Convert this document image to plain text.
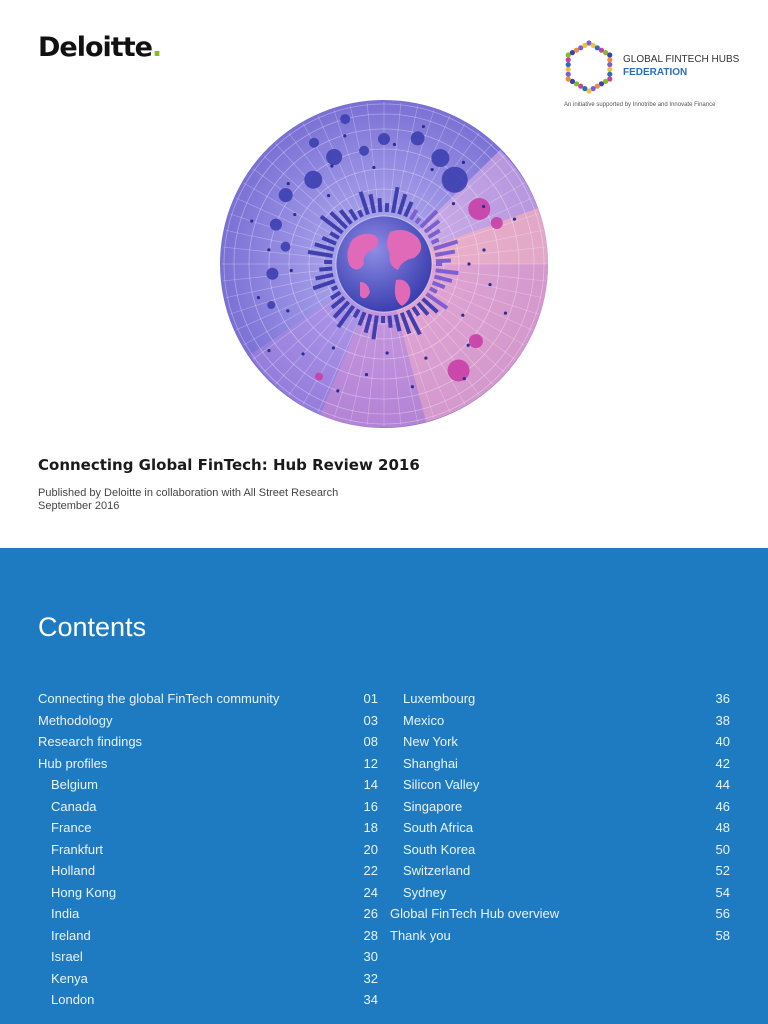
Deloitte.	GLOBAL FINTECH HUBS
FEDERATION
An initiative supported by Innotribe and Innovate Finance
Connecting Global FinTech: Hub Review 2016
Published by Deloitte in collaboration with All Street Research
September 2016
Contents
Connecting the global FinTech community	01
Methodology	03
Research findings	08
Hub profiles	12
Belgium	14
Canada	16
France	18
Frankfurt	20
Holland	22
Hong Kong	24
India	26
Ireland	28
Israel	30
Kenya	32
London	34
Luxembourg	36
Mexico	38
New York	40
Shanghai	42
Silicon Valley	44
Singapore	46
South Africa	48
South Korea	50
Switzerland	52
Sydney	54
Global FinTech Hub overview	56
Thank you	58
